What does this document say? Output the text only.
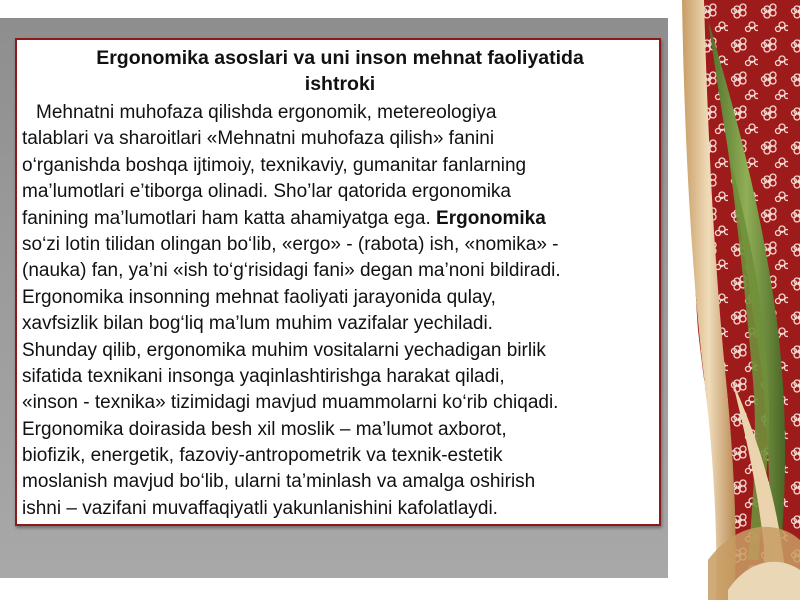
Ergonomika asoslari va uni inson mehnat faoliyatida
ishtroki
Mehnatni muhofaza qilishda ergonomik, metereologiya
talablari va sharoitlari «Mehnatni muhofaza qilish» fanini
o‘rganishda boshqa ijtimoiy, texnikaviy, gumanitar fanlarning
ma’lumotlari e’tiborga olinadi. Sho’lar qatorida ergonomika
fanining ma’lumotlari ham katta ahamiyatga ega. Ergonomika
so‘zi lotin tilidan olingan bo‘lib, «ergo» - (rabota) ish, «nomika» -
(nauka) fan, ya’ni «ish to‘g‘risidagi fani» degan ma’noni bildiradi.
Ergonomika insonning mehnat faoliyati jarayonida qulay,
xavfsizlik bilan bog‘liq ma’lum muhim vazifalar yechiladi.
Shunday qilib, ergonomika muhim vositalarni yechadigan birlik
sifatida texnikani insonga yaqinlashtirishga harakat qiladi,
«inson - texnika» tizimidagi mavjud muammolarni ko‘rib chiqadi.
Ergonomika doirasida besh xil moslik – ma’lumot axborot,
biofizik, energetik, fazoviy-antropometrik va texnik-estetik
moslanish mavjud bo‘lib, ularni ta’minlash va amalga oshirish
ishni – vazifani muvaffaqiyatli yakunlanishini kafolatlaydi.
